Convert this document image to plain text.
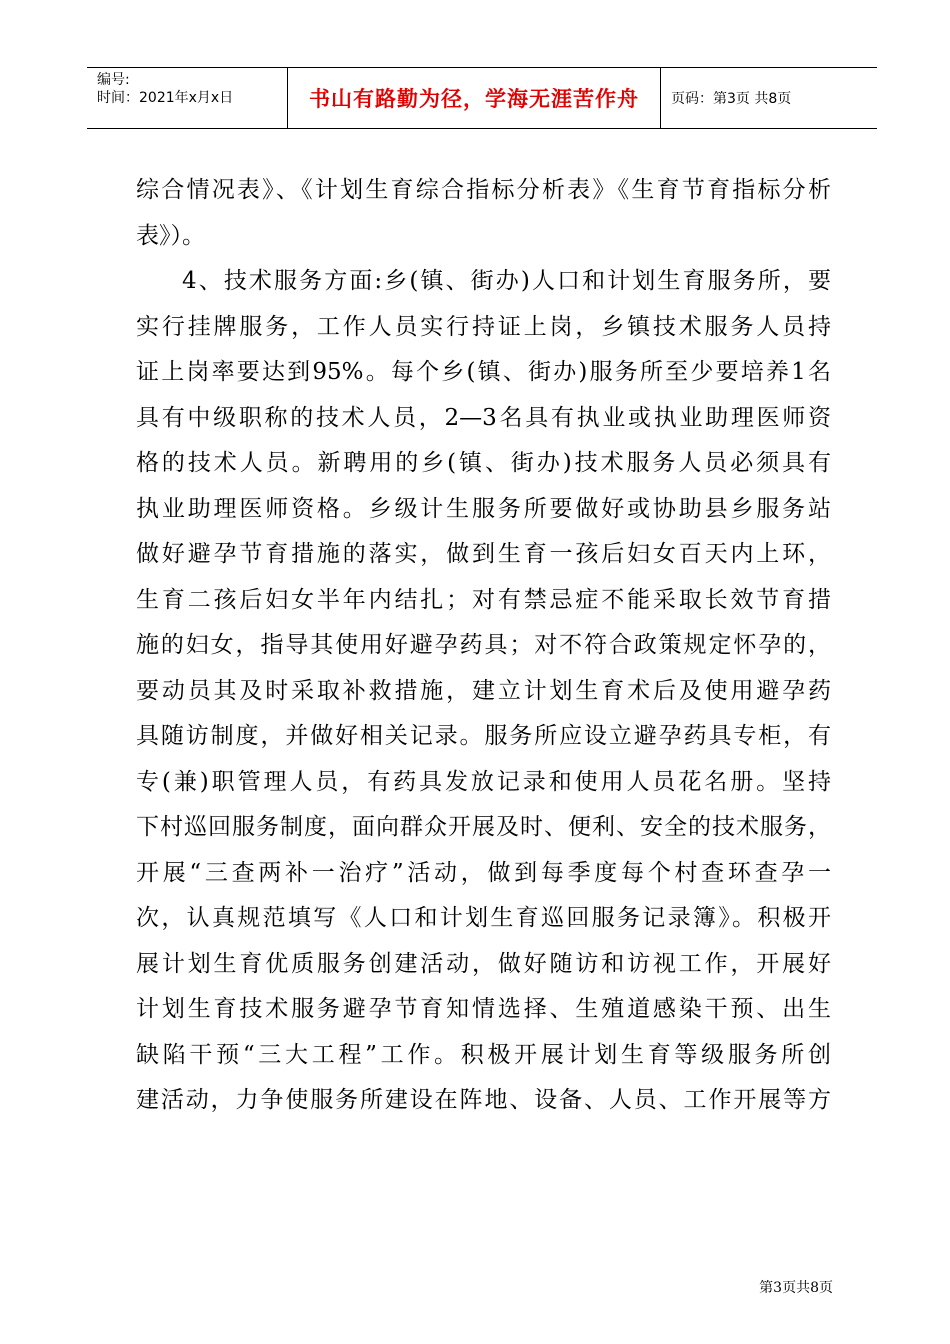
编号:
时间：2021年x月x日	书山有路勤为径，学海无涯苦作舟	页码：第3页 共8页
综合情况表》、《计划生育综合指标分析表》《生育节育指标分析
表》）。
4、技术服务方面:乡(镇、街办)人口和计划生育服务所，要
实行挂牌服务，工作人员实行持证上岗，乡镇技术服务人员持
证上岗率要达到95%。每个乡(镇、街办)服务所至少要培养1名
具有中级职称的技术人员，2—3名具有执业或执业助理医师资
格的技术人员。新聘用的乡(镇、街办)技术服务人员必须具有
执业助理医师资格。乡级计生服务所要做好或协助县乡服务站
做好避孕节育措施的落实，做到生育一孩后妇女百天内上环，
生育二孩后妇女半年内结扎；对有禁忌症不能采取长效节育措
施的妇女，指导其使用好避孕药具；对不符合政策规定怀孕的，
要动员其及时采取补救措施，建立计划生育术后及使用避孕药
具随访制度，并做好相关记录。服务所应设立避孕药具专柜，有
专(兼)职管理人员，有药具发放记录和使用人员花名册。坚持
下村巡回服务制度，面向群众开展及时、便利、安全的技术服务，
开展“三查两补一治疗”活动，做到每季度每个村查环查孕一
次，认真规范填写《人口和计划生育巡回服务记录簿》。积极开
展计划生育优质服务创建活动，做好随访和访视工作，开展好
计划生育技术服务避孕节育知情选择、生殖道感染干预、出生
缺陷干预“三大工程”工作。积极开展计划生育等级服务所创
建活动，力争使服务所建设在阵地、设备、人员、工作开展等方
第3页共8页
